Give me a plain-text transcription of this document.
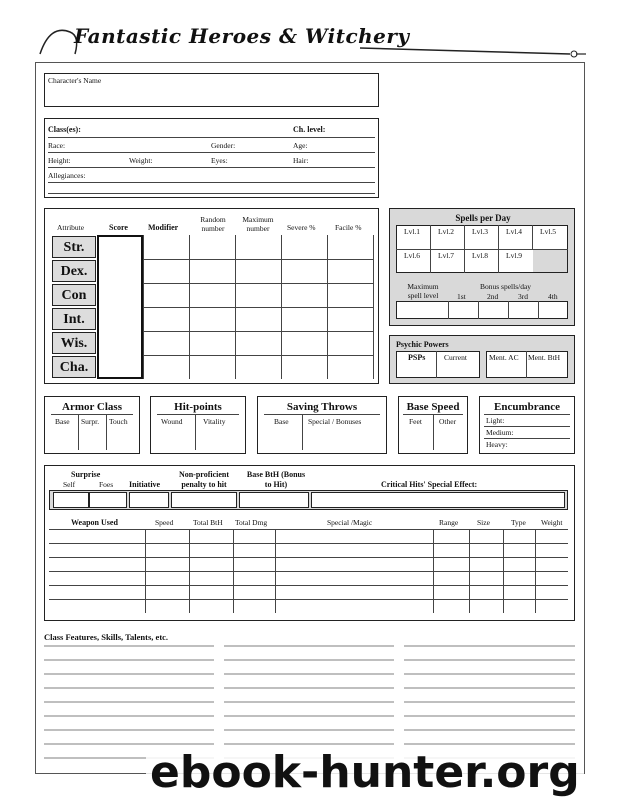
Fantastic Heroes & Witchery
Character's Name
Class(es):	Ch. level:
Race:	Gender:	Age:
Height:	Weight:	Eyes:	Hair:
Allegiances:
Attribute	Score	Modifier
Random number
Maximum number	Severe %	Facile %
Str.
Dex.
Con
Int.
Wis.
Cha.
Spells per Day
Lvl.1 Lvl.2 Lvl.3 Lvl.4 Lvl.5
Lvl.6 Lvl.7 Lvl.8 Lvl.9
Maximum spell level
Bonus spells/day
1st	2nd	3rd	4th
Psychic Powers
PSPs Current	Ment. AC Ment. BtH
Armor Class
Base Surpr. Touch
Hit-points
Wound	Vitality
Saving Throws
Base	Special / Bonuses
Base Speed
Feet Other
Encumbrance
Light:
Medium:
Heavy:
Surprise
Self	Foes Initiative
Non-proficient penalty to hit
Base BtH (Bonus to Hit)	Critical Hits' Special Effect:
Weapon Used	Speed	Total BtH Total Dmg	Special /Magic	Range	Size	Type Weight
Class Features, Skills, Talents, etc.
ebook-hunter.org
